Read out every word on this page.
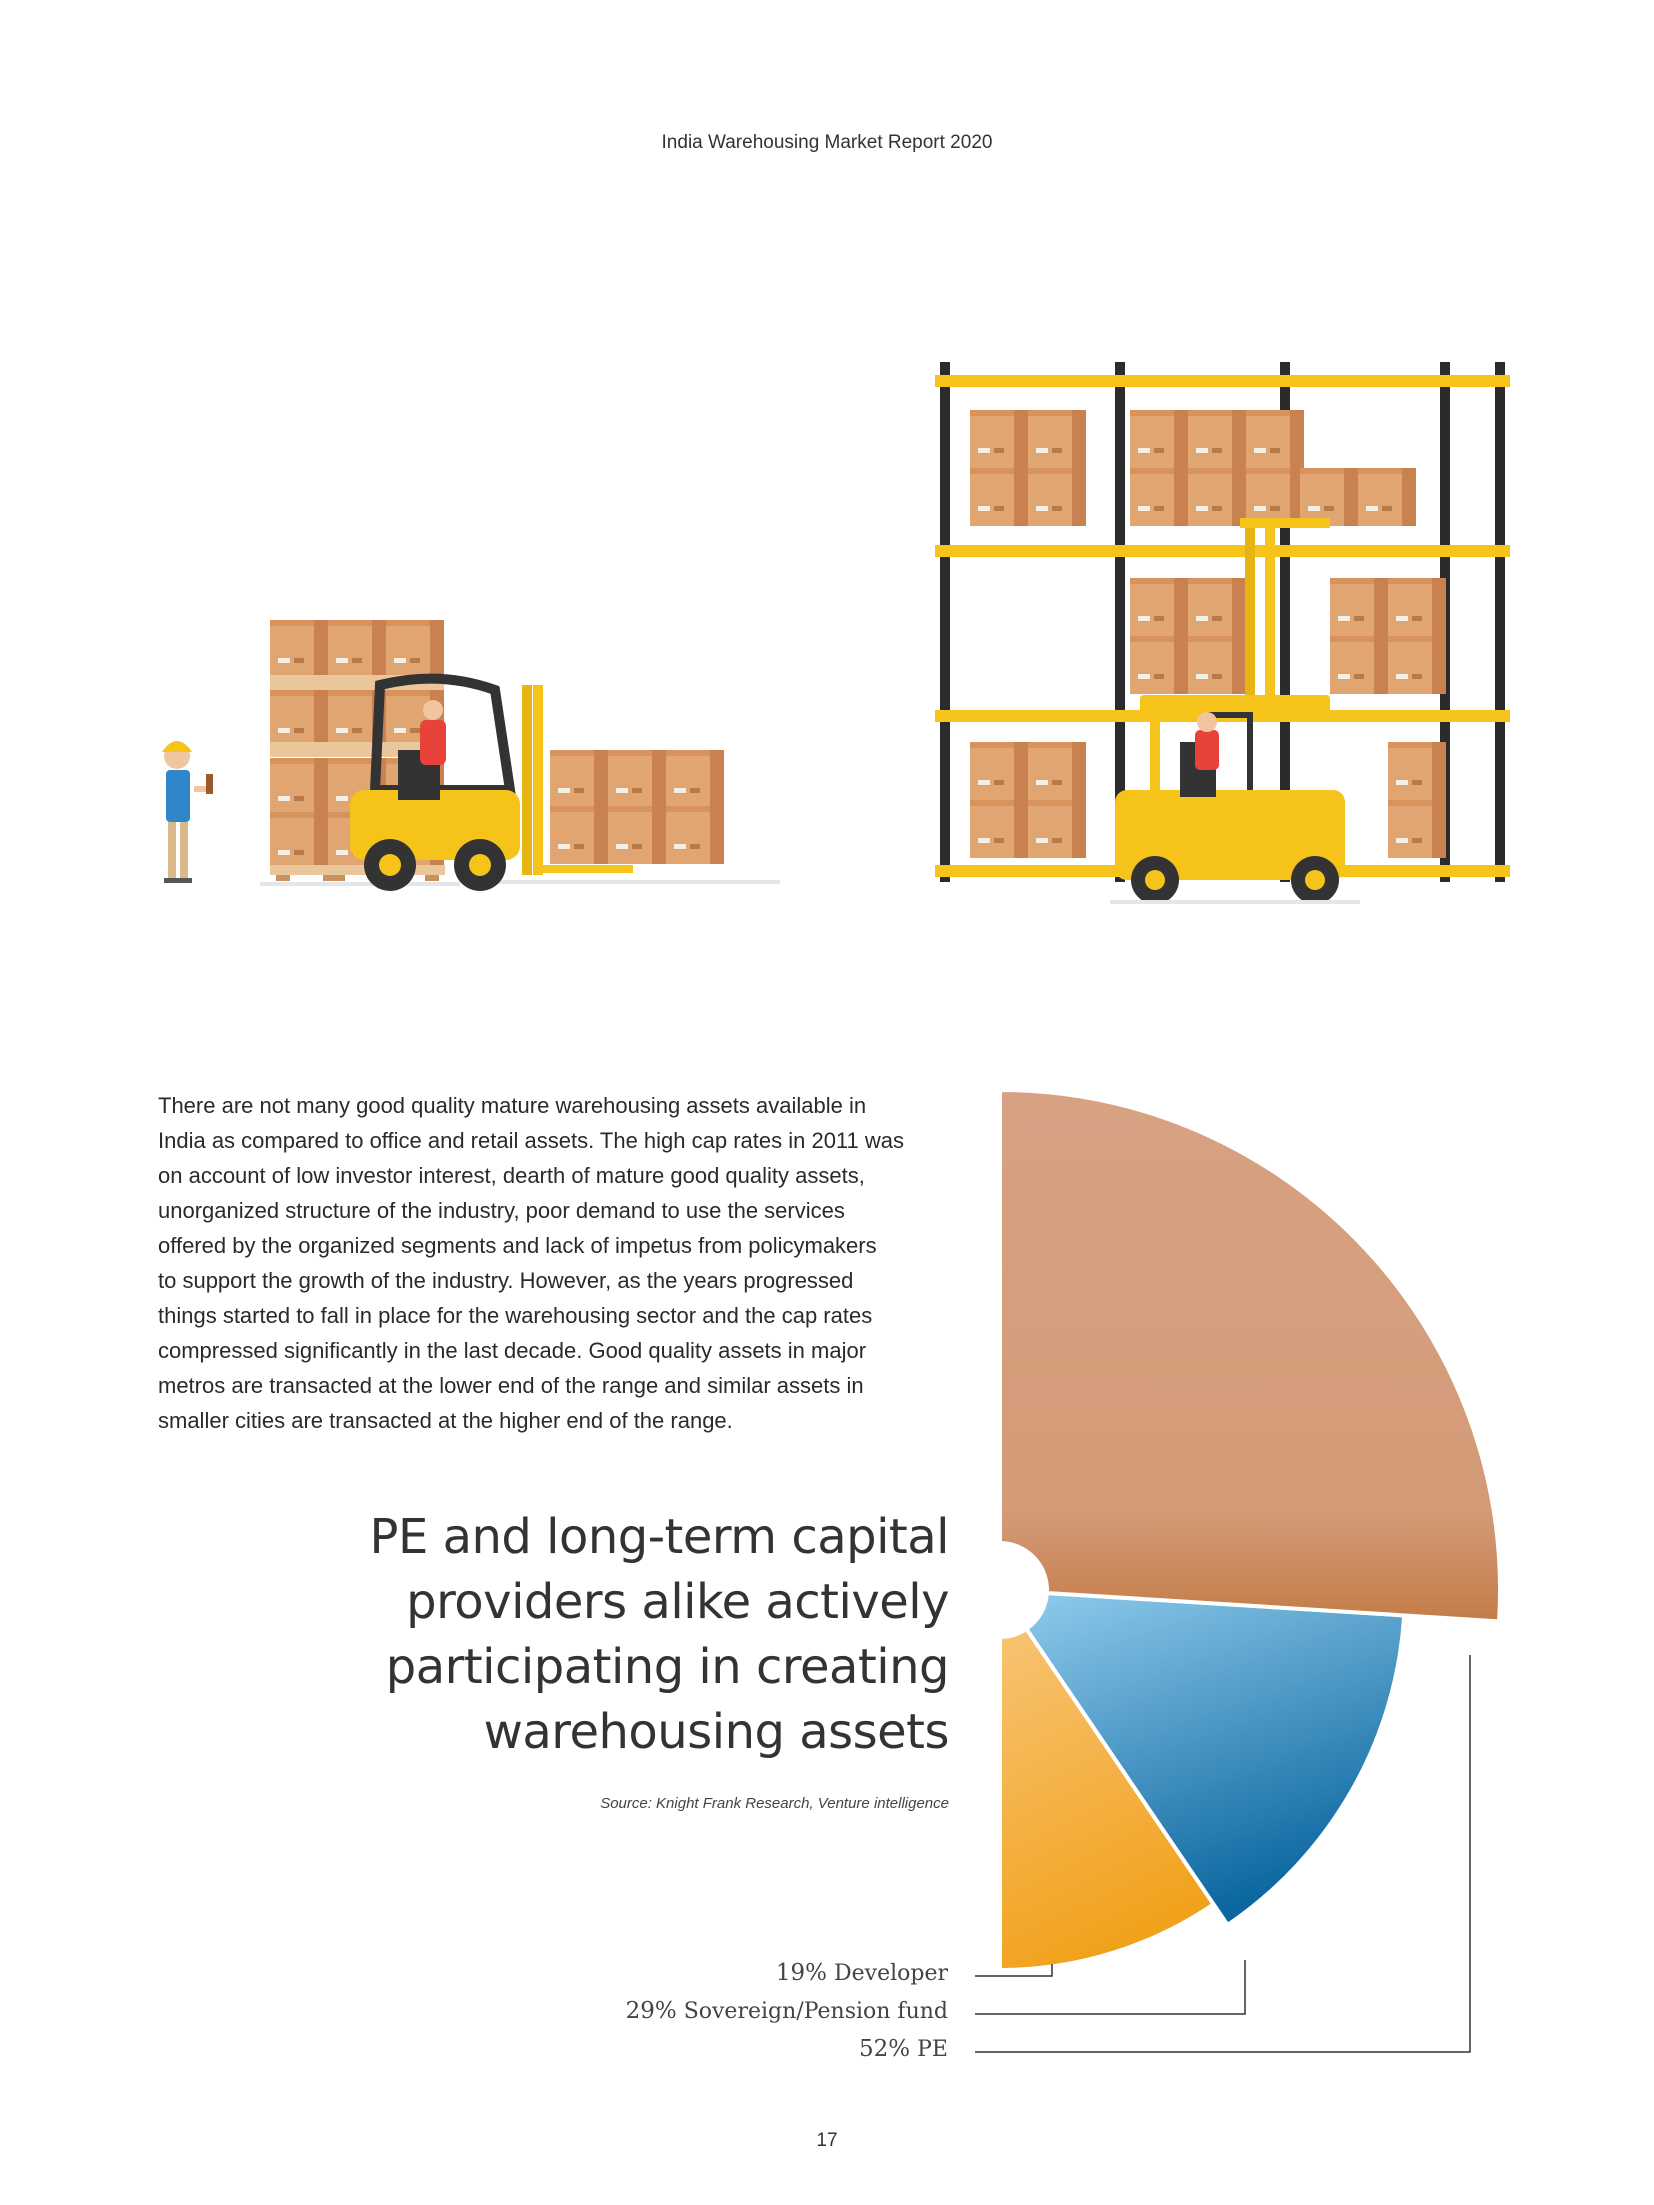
India Warehousing Market Report 2020
There are not many good quality mature warehousing assets available in
India as compared to office and retail assets. The high cap rates in 2011 was
on account of low investor interest, dearth of mature good quality assets,
unorganized structure of the industry, poor demand to use the services
offered by the organized segments and lack of impetus from policymakers
to support the growth of the industry. However, as the years progressed
things started to fall in place for the warehousing sector and the cap rates
compressed significantly in the last decade. Good quality assets in major
metros are transacted at the lower end of the range and similar assets in
smaller cities are transacted at the higher end of the range.
PE and long-term capital
providers alike actively
participating in creating
warehousing assets
Source: Knight Frank Research, Venture intelligence
19% Developer
29% Sovereign/Pension fund
52% PE
17
